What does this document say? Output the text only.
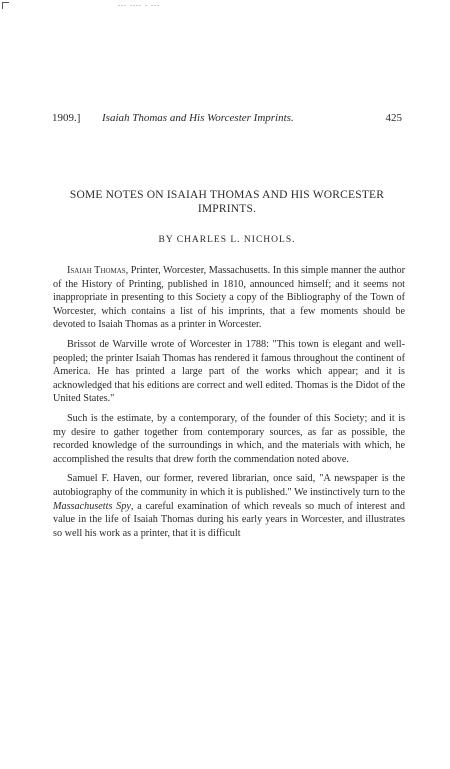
... .... . ...
1909.] Isaiah Thomas and His Worcester Imprints.	425
SOME NOTES ON ISAIAH THOMAS AND HIS WORCESTER IMPRINTS.
BY CHARLES L. NICHOLS.

Isaiah Thomas, Printer, Worcester, Massachusetts. In this simple manner the author of the History of Printing, published in 1810, announced himself; and it seems not inappropriate in presenting to this Society a copy of the Bibliography of the Town of Worcester, which contains a list of his imprints, that a few moments should be devoted to Isaiah Thomas as a printer in Worcester.

Brissot de Warville wrote of Worcester in 1788: "This town is elegant and well-peopled; the printer Isaiah Thomas has rendered it famous throughout the continent of America. He has printed a large part of the works which appear; and it is acknowledged that his editions are correct and well edited. Thomas is the Didot of the United States."

Such is the estimate, by a contemporary, of the founder of this Society; and it is my desire to gather together from contemporary sources, as far as possible, the recorded knowledge of the surroundings in which, and the materials with which, he accomplished the results that drew forth the commendation noted above.

Samuel F. Haven, our former, revered librarian, once said, "A newspaper is the autobiography of the community in which it is published." We instinctively turn to the Massachusetts Spy, a careful examination of which reveals so much of interest and value in the life of Isaiah Thomas during his early years in Worcester, and illustrates so well his work as a printer, that it is difficult
